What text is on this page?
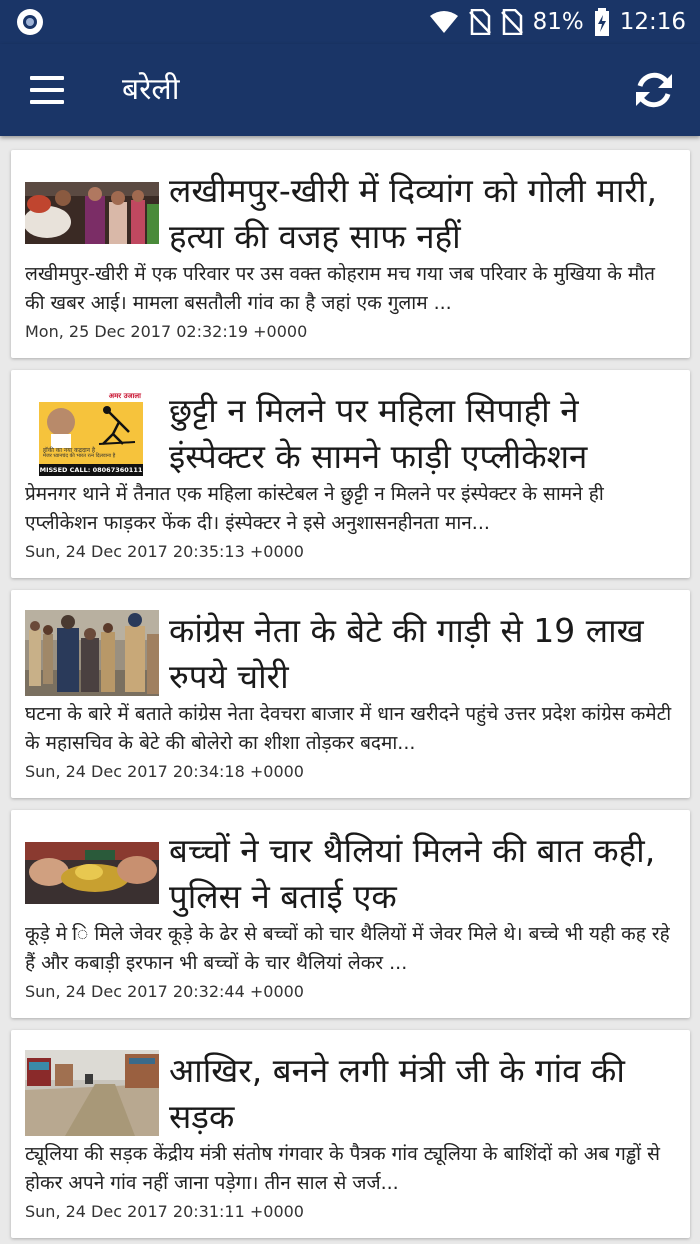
81% 12:16
बरेली
लखीमपुर-खीरी में दिव्यांग को गोली मारी, हत्या की वजह साफ नहीं
लखीमपुर-खीरी में एक परिवार पर उस वक्त कोहराम मच गया जब परिवार के मुखिया के मौत की खबर आई। मामला बसतौली गांव का है जहां एक गुलाम ...
Mon, 25 Dec 2017 02:32:19 +0000
अमर उजाला
हॉकी का नया कद्रदान है
मेजर ध्यानचंद की भारत रत्न दिलवाना है
MISSED CALL: 08067360111
छुट्टी न मिलने पर महिला सिपाही ने इंस्पेक्टर के सामने फाड़ी एप्लीकेशन
प्रेमनगर थाने में तैनात एक महिला कांस्टेबल ने छुट्टी न मिलने पर इंस्पेक्टर के सामने ही एप्लीकेशन फाड़कर फेंक दी। इंस्पेक्टर ने इसे अनुशासनहीनता मान...
Sun, 24 Dec 2017 20:35:13 +0000
कांग्रेस नेता के बेटे की गाड़ी से 19 लाख रुपये चोरी
घटना के बारे में बताते कांग्रेस नेता देवचरा बाजार में धान खरीदने पहुंचे उत्तर प्रदेश कांग्रेस कमेटी के महासचिव के बेटे की बोलेरो का शीशा तोड़कर बदमा...
Sun, 24 Dec 2017 20:34:18 +0000
बच्चों ने चार थैलियां मिलने की बात कही, पुलिस ने बताई एक
कूड़े मे ि मिले जेवर कूड़े के ढेर से बच्चों को चार थैलियों में जेवर मिले थे। बच्चे भी यही कह रहे हैं और कबाड़ी इरफान भी बच्चों के चार थैलियां लेकर ...
Sun, 24 Dec 2017 20:32:44 +0000
आखिर, बनने लगी मंत्री जी के गांव की सड़क
ट्यूलिया की सड़क केंद्रीय मंत्री संतोष गंगवार के पैत्रक गांव ट्यूलिया के बाशिंदों को अब गड्ढों से होकर अपने गांव नहीं जाना पड़ेगा। तीन साल से जर्ज...
Sun, 24 Dec 2017 20:31:11 +0000
